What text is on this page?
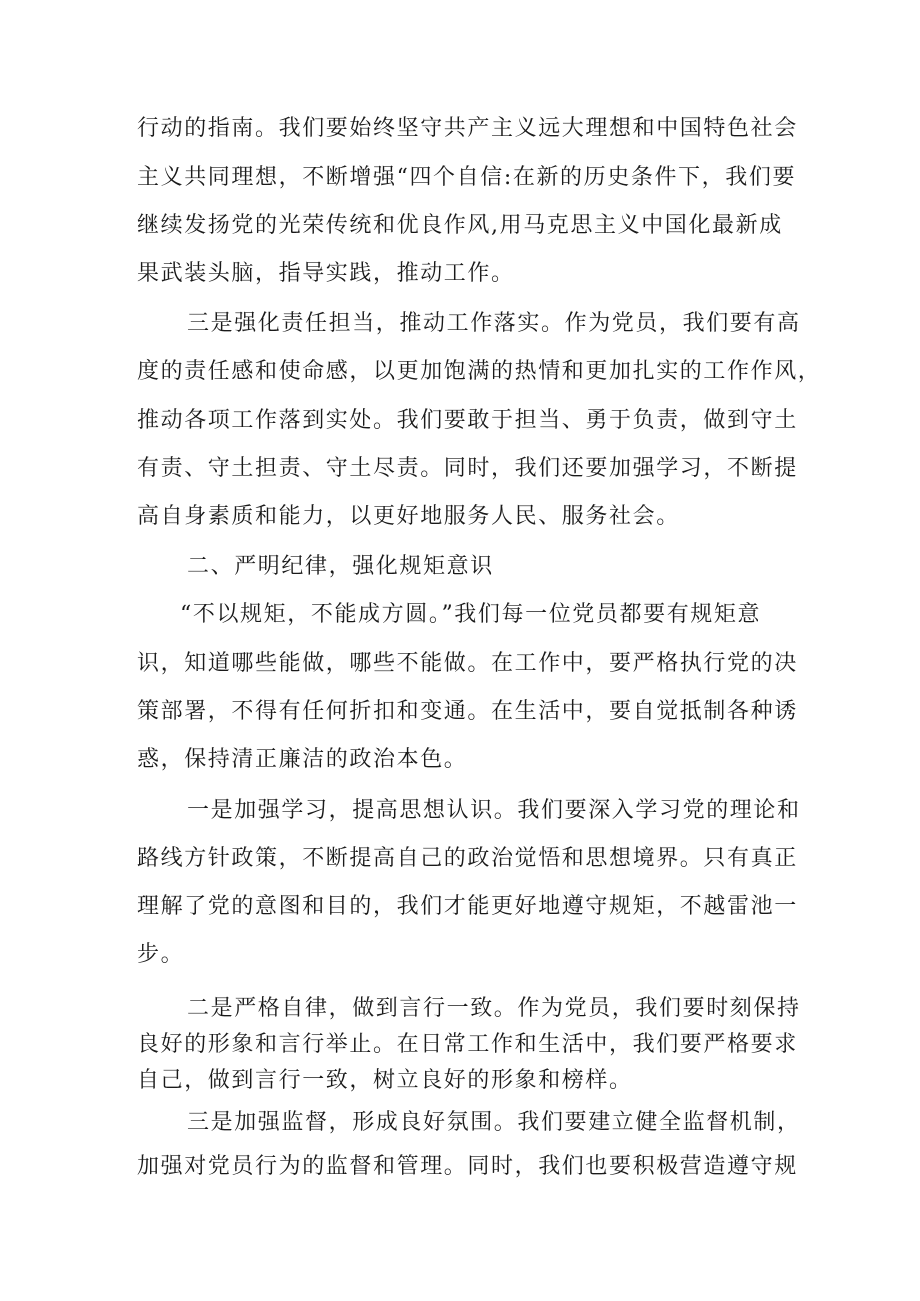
行动的指南。我们要始终坚守共产主义远大理想和中国特色社会

主义共同理想，不断增强“四个自信:在新的历史条件下，我们要

继续发扬党的光荣传统和优良作风,用马克思主义中国化最新成

果武装头脑，指导实践，推动工作。

三是强化责任担当，推动工作落实。作为党员，我们要有高

度的责任感和使命感，以更加饱满的热情和更加扎实的工作作风，

推动各项工作落到实处。我们要敢于担当、勇于负责，做到守土

有责、守土担责、守土尽责。同时，我们还要加强学习，不断提

高自身素质和能力，以更好地服务人民、服务社会。

二、严明纪律，强化规矩意识

“不以规矩，不能成方圆。”我们每一位党员都要有规矩意

识，知道哪些能做，哪些不能做。在工作中，要严格执行党的决

策部署，不得有任何折扣和变通。在生活中，要自觉抵制各种诱

惑，保持清正廉洁的政治本色。

一是加强学习，提高思想认识。我们要深入学习党的理论和

路线方针政策，不断提高自己的政治觉悟和思想境界。只有真正

理解了党的意图和目的，我们才能更好地遵守规矩，不越雷池一

步。

二是严格自律，做到言行一致。作为党员，我们要时刻保持

良好的形象和言行举止。在日常工作和生活中，我们要严格要求

自己，做到言行一致，树立良好的形象和榜样。

三是加强监督，形成良好氛围。我们要建立健全监督机制，

加强对党员行为的监督和管理。同时，我们也要积极营造遵守规
